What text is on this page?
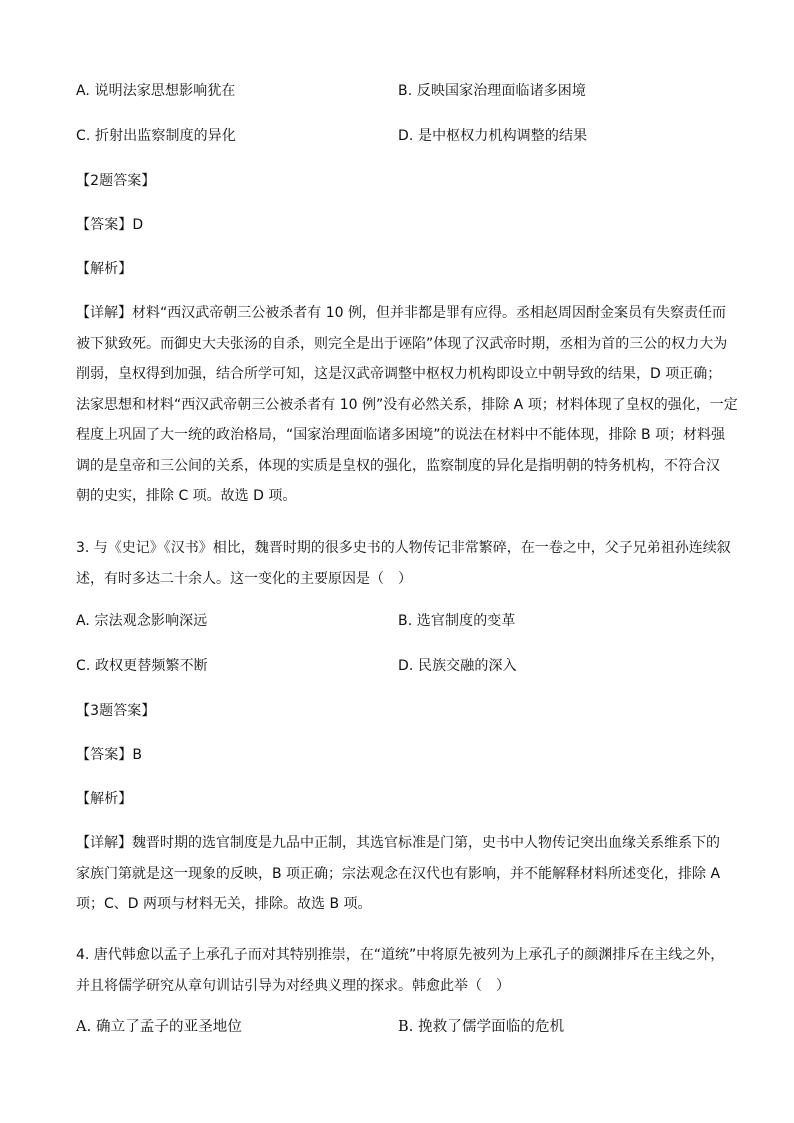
A. 说明法家思想影响犹在	B. 反映国家治理面临诸多困境
C. 折射出监察制度的异化	D. 是中枢权力机构调整的结果
【2题答案】
【答案】D
【解析】

【详解】材料“西汉武帝朝三公被杀者有 10 例，但并非都是罪有应得。丞相赵周因酎金案员有失察责任而

被下狱致死。而御史大夫张汤的自杀，则完全是出于诬陷”体现了汉武帝时期，丞相为首的三公的权力大为

削弱，皇权得到加强，结合所学可知，这是汉武帝调整中枢权力机构即设立中朝导致的结果，D 项正确；

法家思想和材料“西汉武帝朝三公被杀者有 10 例”没有必然关系，排除 A 项；材料体现了皇权的强化，一定

程度上巩固了大一统的政治格局，“国家治理面临诸多困境”的说法在材料中不能体现，排除 B 项；材料强

调的是皇帝和三公间的关系，体现的实质是皇权的强化，监察制度的异化是指明朝的特务机构，不符合汉

朝的史实，排除 C 项。故选 D 项。

3. 与《史记》《汉书》相比，魏晋时期的很多史书的人物传记非常繁碎，在一卷之中，父子兄弟祖孙连续叙

述，有时多达二十余人。这一变化的主要原因是（　）

A. 宗法观念影响深远	B. 选官制度的变革
C. 政权更替频繁不断	D. 民族交融的深入
【3题答案】
【答案】B
【解析】

【详解】魏晋时期的选官制度是九品中正制，其选官标准是门第，史书中人物传记突出血缘关系维系下的

家族门第就是这一现象的反映，B 项正确；宗法观念在汉代也有影响，并不能解释材料所述变化，排除 A

项；C、D 两项与材料无关，排除。故选 B 项。

4. 唐代韩愈以孟子上承孔子而对其特别推崇，在“道统”中将原先被列为上承孔子的颜渊排斥在主线之外，

并且将儒学研究从章句训诂引导为对经典义理的探求。韩愈此举（　）

A. 确立了孟子的亚圣地位	B. 挽救了儒学面临的危机
